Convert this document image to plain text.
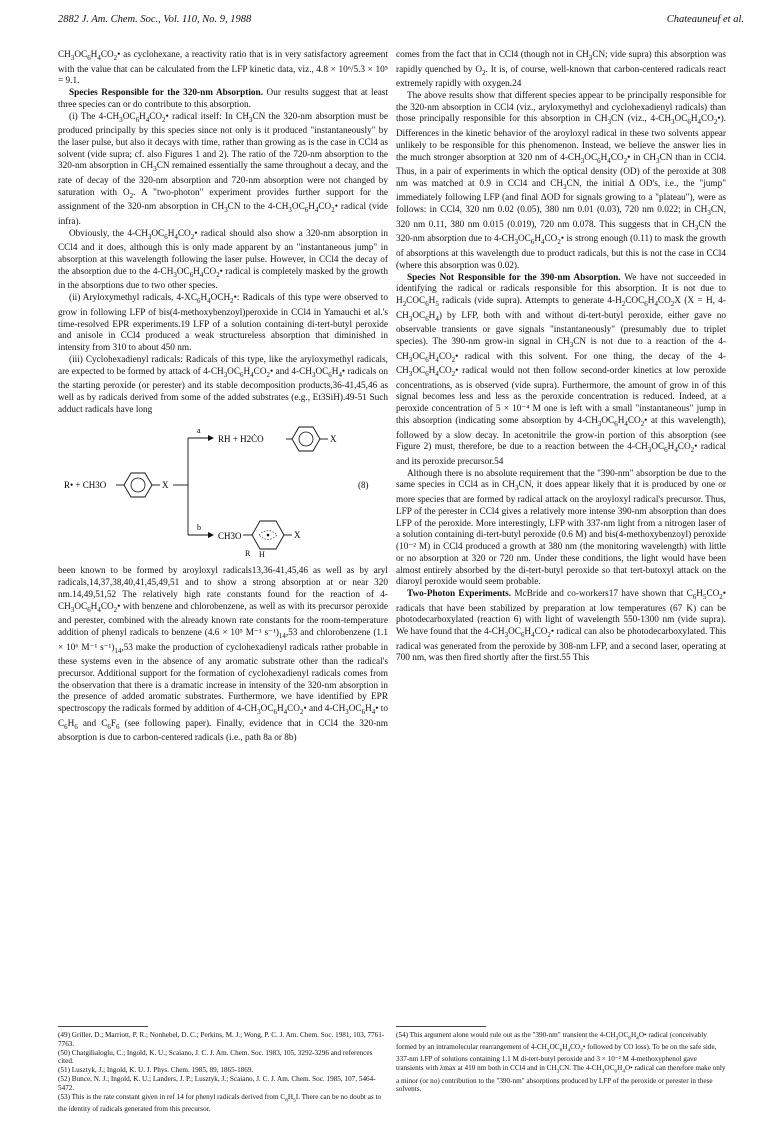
2882 J. Am. Chem. Soc., Vol. 110, No. 9, 1988	Chateauneuf et al.

$CH_3OC_6H_4CO_2•$ as cyclohexane, a reactivity ratio that is in very satisfactory agreement with the value that can be calculated from the LFP kinetic data, viz., 4.8 × 10⁶/5.3 × 10⁵ = 9.1.

Species Responsible for the 320-nm Absorption. Our results suggest that at least three species can or do contribute to this absorption.

(i) The $4-CH_3OC_6H_4CO_2•$ radical itself: In $CH_3CN$ the 320-nm absorption must be produced principally by this species since not only is it produced "instantaneously" by the laser pulse, but also it decays with time, rather than growing as is the case in CCl4 as solvent (vide supra; cf. also Figures 1 and 2). The ratio of the 720-nm absorption to the 320-nm absorption in $CH_3CN$ remained essentially the same throughout a decay, and the rate of decay of the 320-nm absorption and 720-nm absorption were not changed by saturation with $O_2$. A "two-photon" experiment provides further support for the assignment of the 320-nm absorption in $CH_3CN$ to the $4-CH_3OC_6H_4CO_2•$ radical (vide infra).

Obviously, the $4-CH_3OC_6H_4CO_2•$ radical should also show a 320-nm absorption in CCl4 and it does, although this is only made apparent by an "instantaneous jump" in absorption at this wavelength following the laser pulse. However, in CCl4 the decay of the absorption due to the $4-CH_3OC_6H_4CO_2•$ radical is completely masked by the growth in the absorptions due to two other species.

(ii) Aryloxymethyl radicals, $4-XC_6H_4OCH_2•$: Radicals of this type were observed to grow in following LFP of bis(4-methoxybenzoyl)peroxide in CCl4 in Yamauchi et al.'s time-resolved EPR experiments.19 LFP of a solution containing di-tert-butyl peroxide and anisole in CCl4 produced a weak structureless absorption that diminished in intensity from 310 to about 450 nm.

(iii) Cyclohexadienyl radicals: Radicals of this type, like the aryloxymethyl radicals, are expected to be formed by attack of $4-CH_3OC_6H_4CO_2•$ and $4-CH_3OC_6H_4•$ radicals on the starting peroxide (or perester) and its stable decomposition products,36-41,45,46 as well as by radicals derived from some of the added substrates (e.g., Et3SiH).49-51 Such adduct radicals have long

R• + CH3O	X
a
b
RH + H2ĊO	X
(8)
CH3O	X
R H

been known to be formed by aroyloxyl radicals13,36-41,45,46 as well as by aryl radicals,14,37,38,40,41,45,49,51 and to show a strong absorption at or near 320 nm.14,49,51,52 The relatively high rate constants found for the reaction of $4-CH_3OC_6H_4CO_2•$ with benzene and chlorobenzene, as well as with its precursor peroxide and perester, combined with the already known rate constants for the room-temperature addition of phenyl radicals to benzene (4.6 × 10⁵ M⁻¹ $s^{-1})_{14},53$ and chlorobenzene (1.1 × 10⁶ M⁻¹ $s^{-1})_{14},53$ make the production of cyclohexadienyl radicals rather probable in these systems even in the absence of any aromatic substrate other than the radical's precursor. Additional support for the formation of cyclohexadienyl radicals comes from the observation that there is a dramatic increase in intensity of the 320-nm absorption in the presence of added aromatic substrates. Furthermore, we have identified by EPR spectroscopy the radicals formed by addition of $4-CH_3OC_6H_4CO_2•$ and $4-CH_3OC_6H_4•$ to $C_6H_6$ and $C_6F_6$ (see following paper). Finally, evidence that in CCl4 the 320-nm absorption is due to carbon-centered radicals (i.e., path 8a or 8b)

comes from the fact that in CCl4 (though not in $CH_3CN$; vide supra) this absorption was rapidly quenched by $O_2$. It is, of course, well-known that carbon-centered radicals react extremely rapidly with oxygen.24

The above results show that different species appear to be principally responsible for the 320-nm absorption in CCl4 (viz., aryloxymethyl and cyclohexadienyl radicals) than those principally responsible for this absorption in $CH_3CN$ (viz., $4-CH_3OC_6H_4CO_2•$). Differences in the kinetic behavior of the aroyloxyl radical in these two solvents appear unlikely to be responsible for this phenomenon. Instead, we believe the answer lies in the much stronger absorption at 320 nm of $4-CH_3OC_6H_4CO_2•$ in $CH_3CN$ than in CCl4. Thus, in a pair of experiments in which the optical density (OD) of the peroxide at 308 nm was matched at 0.9 in CCl4 and $CH_3CN$, the initial Δ OD's, i.e., the "jump" immediately following LFP (and final ΔOD for signals growing to a "plateau"), were as follows: in CCl4, 320 nm 0.02 (0.05), 380 nm 0.01 (0.03), 720 nm 0.022; in $CH_3CN$, 320 nm 0.11, 380 nm 0.015 (0.019), 720 nm 0.078. This suggests that in $CH_3CN$ the 320-nm absorption due to $4-CH_3OC_6H_4CO_2•$ is strong enough (0.11) to mask the growth of absorptions at this wavelength due to product radicals, but this is not the case in CCl4 (where this absorption was 0.02).

Species Not Responsible for the 390-nm Absorption. We have not succeeded in identifying the radical or radicals responsible for this absorption. It is not due to $H_2COC_6H_5$ radicals (vide supra). Attempts to generate $4-H_2COC_6H_4CO_2X$ (X = H, $4-CH_3OC_6H_4$) by LFP, both with and without di-tert-butyl peroxide, either gave no observable transients or gave signals "instantaneously" (presumably due to triplet species). The 390-nm grow-in signal in $CH_3CN$ is not due to a reaction of the $4-CH_3OC_6H_4CO_2•$ radical with this solvent. For one thing, the decay of the $4-CH_3OC_6H_4CO_2•$ radical would not then follow second-order kinetics at low peroxide concentrations, as is observed (vide supra). Furthermore, the amount of grow in of this signal becomes less and less as the peroxide concentration is reduced. Indeed, at a peroxide concentration of 5 × 10⁻⁴ M one is left with a small "instantaneous" jump in this absorption (indicating some absorption by $4-CH_3OC_6H_4CO_2•$ at this wavelength), followed by a slow decay. In acetonitrile the grow-in portion of this absorption (see Figure 2) must, therefore, be due to a reaction between the $4-CH_3OC_6H_4CO_2•$ radical and its peroxide precursor.54

Although there is no absolute requirement that the "390-nm" absorption be due to the same species in CCl4 as in $CH_3CN$, it does appear likely that it is produced by one or more species that are formed by radical attack on the aroyloxyl radical's precursor. Thus, LFP of the perester in CCl4 gives a relatively more intense 390-nm absorption than does LFP of the peroxide. More interestingly, LFP with 337-nm light from a nitrogen laser of a solution containing di-tert-butyl peroxide (0.6 M) and bis(4-methoxybenzoyl) peroxide (10⁻² M) in CCl4 produced a growth at 380 nm (the monitoring wavelength) with little or no absorption at 320 or 720 nm. Under these conditions, the light would have been almost entirely absorbed by the di-tert-butyl peroxide so that tert-butoxyl attack on the diaroyl peroxide would seem probable.

Two-Photon Experiments. McBride and co-workers17 have shown that $C_6H_5CO_2•$ radicals that have been stabilized by preparation at low temperatures (67 K) can be photodecarboxylated (reaction 6) with light of wavelength 550-1300 nm (vide supra). We have found that the $4-CH_3OC_6H_4CO_2•$ radical can also be photodecarboxylated. This radical was generated from the peroxide by 308-nm LFP, and a second laser, operating at 700 nm, was then fired shortly after the first.55 This

(49) Griller, D.; Marriott, P. R.; Nonhebel, D. C.; Perkins, M. J.; Wong, P. C. J. Am. Chem. Soc. 1981, 103, 7761-7763.

(50) Chatgilialoglu, C.; Ingold, K. U.; Scaiano, J. C. J. Am. Chem. Soc. 1983, 105, 3292-3296 and references cited.

(51) Lusztyk, J.; Ingold, K. U. J. Phys. Chem. 1985, 89, 1865-1869.

(52) Bunce, N. J.; Ingold, K. U.; Landers, J. P.; Lusztyk, J.; Scaiano, J. C. J. Am. Chem. Soc. 1985, 107, 5464-5472.

(53) This is the rate constant given in ref 14 for phenyl radicals derived from $C_6H_5I$. There can be no doubt as to the identity of radicals generated from this precursor.

(54) This argument alone would rule out as the "390-nm" transient the $4-CH_3OC_6H_4O•$ radical (conceivably formed by an intramolecular rearrangement of $4-CH_3OC_6H_4CO_2•$ followed by CO loss). To be on the safe side, 337-nm LFP of solutions containing 1.1 M di-tert-butyl peroxide and 3 × 10⁻² M 4-methoxyphenol gave transients with λmax at 410 nm both in CCl4 and in $CH_3CN$. The $4-CH_3OC_6H_4O•$ radical can therefore make only a minor (or no) contribution to the "390-nm" absorptions produced by LFP of the peroxide or perester in these solvents.
